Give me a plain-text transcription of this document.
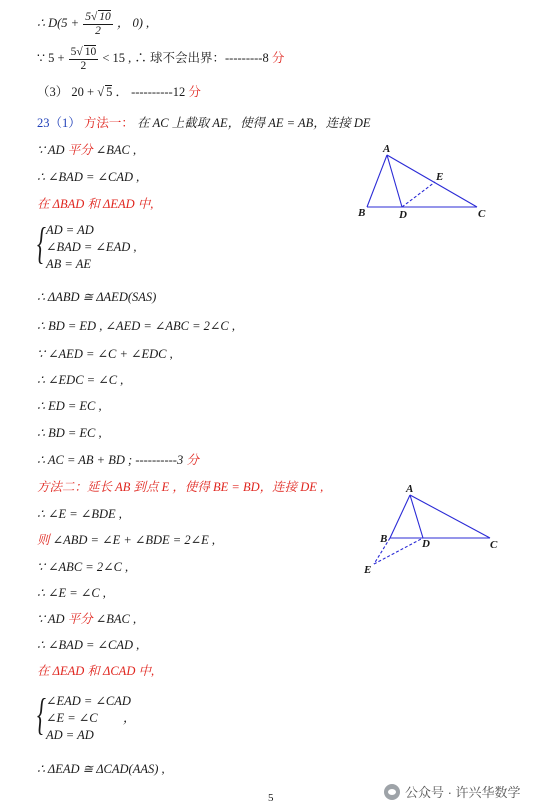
∴ $D(5 + \frac{5√ 10}{2}$ ， 0) ,
∵ $5 + \frac{5√ 10}{2} < 15$ , ∴ 球不会出界：---------8 分
（3） 20 + √ 5 ． ----------12 分
23（1） 方法一： 在 AC 上截取 AE，使得 AE = AB，连接 DE
∵ AD 平分 ∠BAC ,
∴ ∠BAD = ∠CAD ,
在 ΔBAD 和 ΔEAD 中,
{ AD = AD
∠BAD = ∠EAD ,
AB = AE
∴ ΔABD ≅ ΔAED(SAS)
∴ BD = ED , ∠AED = ∠ABC = 2∠C ,
∵ ∠AED = ∠C + ∠EDC ,
∴ ∠EDC = ∠C ,
∴ ED = EC ,
∴ BD = EC ,
∴ AC = AB + BD ; ----------3 分
方法二：延长 AB 到点 E ，使得 BE = BD，连接 DE ,
∴ ∠E = ∠BDE ,
则 ∠ABD = ∠E + ∠BDE = 2∠E ,
∵ ∠ABC = 2∠C ,
∴ ∠E = ∠C ,
∵ AD 平分 ∠BAC ,
∴ ∠BAD = ∠CAD ,
在 ΔEAD 和 ΔCAD 中,
{ ∠EAD = ∠CAD
∠E = ∠C
AD = AD
，
∴ ΔEAD ≅ ΔCAD(AAS) ,
A
B	C
D
E
A
B	C
D
E
公众号 · 许兴华数学
5
